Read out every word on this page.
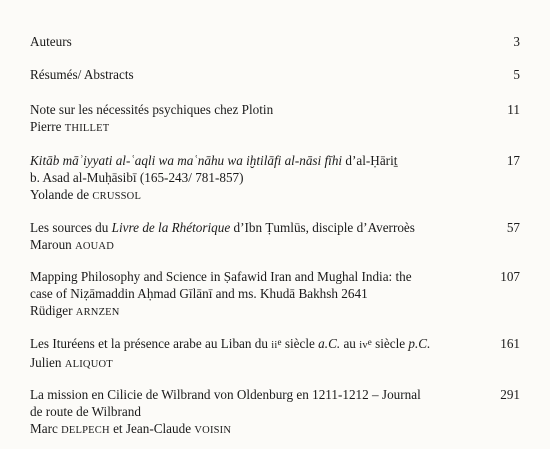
Auteurs	3
Résumés/ Abstracts	5
Note sur les nécessités psychiques chez Plotin
Pierre THILLET
11
Kitāb māʾiyyati al-ʿaqli wa maʿnāhu wa iḫtilāfi al-nāsi fīhi d’al-Ḥāriṯ
b. Asad al-Muḥāsibī (165-243/ 781-857)
Yolande de CRUSSOL
17
Les sources du Livre de la Rhétorique d’Ibn Ṭumlūs, disciple d’Averroès
Maroun AOUAD
57
Mapping Philosophy and Science in Ṣafawid Iran and Mughal India: the
case of Niẓāmaddin Aḥmad Gīlānī and ms. Khudā Bakhsh 2641
Rüdiger ARNZEN
107
Les Ituréens et la présence arabe au Liban du $ii^e$ siècle a.C. au $iv^e$ siècle p.C.
Julien ALIQUOT
161
La mission en Cilicie de Wilbrand von Oldenburg en 1211-1212 – Journal
de route de Wilbrand
Marc DELPECH et Jean-Claude VOISIN
291
